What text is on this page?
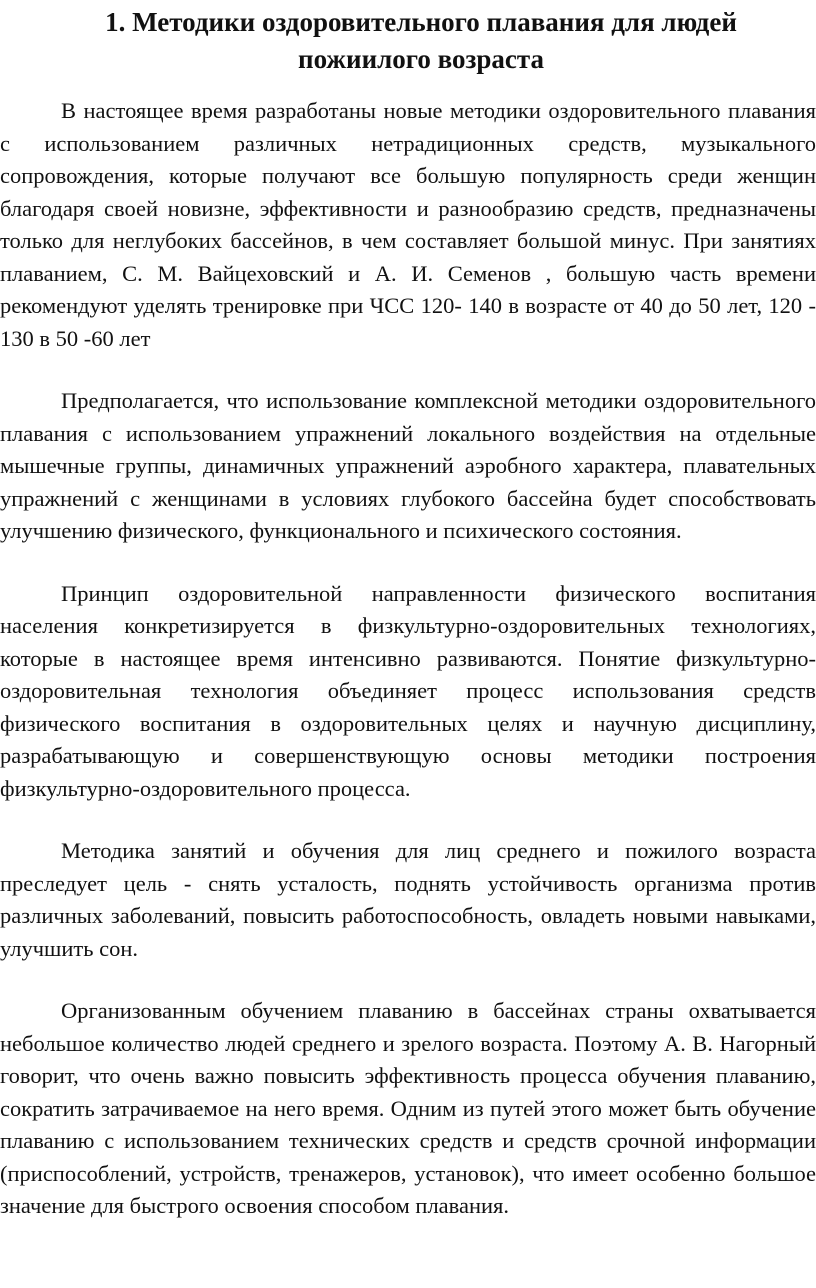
1. Методики оздоровительного плавания для людей
пожиилого возраста

В настоящее время разработаны новые методики оздоровительного плавания с использованием различных нетрадиционных средств, музыкального сопровождения, которые получают все большую популярность среди женщин благодаря своей новизне, эффективности и разнообразию средств, предназначены только для неглубоких бассейнов, в чем составляет большой минус. При занятиях плаванием, С. М. Вайцеховский и А. И. Семенов , большую часть времени рекомендуют уделять тренировке при ЧСС 120- 140 в возрасте от 40 до 50 лет, 120 - 130 в 50 -60 лет

Предполагается, что использование комплексной методики оздоровительного плавания с использованием упражнений локального воздействия на отдельные мышечные группы, динамичных упражнений аэробного характера, плавательных упражнений с женщинами в условиях глубокого бассейна будет способствовать улучшению физического, функционального и психического состояния.

Принцип оздоровительной направленности физического воспитания населения конкретизируется в физкультурно-оздоровительных технологиях, которые в настоящее время интенсивно развиваются. Понятие физкультурно-оздоровительная технология объединяет процесс использования средств физического воспитания в оздоровительных целях и научную дисциплину, разрабатывающую и совершенствующую основы методики построения физкультурно-оздоровительного процесса.

Методика занятий и обучения для лиц среднего и пожилого возраста преследует цель - снять усталость, поднять устойчивость организма против различных заболеваний, повысить работоспособность, овладеть новыми навыками, улучшить сон.

Организованным обучением плаванию в бассейнах страны охватывается небольшое количество людей среднего и зрелого возраста. Поэтому А. В. Нагорный говорит, что очень важно повысить эффективность процесса обучения плаванию, сократить затрачиваемое на него время. Одним из путей этого может быть обучение плаванию с использованием технических средств и средств срочной информации (приспособлений, устройств, тренажеров, установок), что имеет особенно большое значение для быстрого освоения способом плавания.
